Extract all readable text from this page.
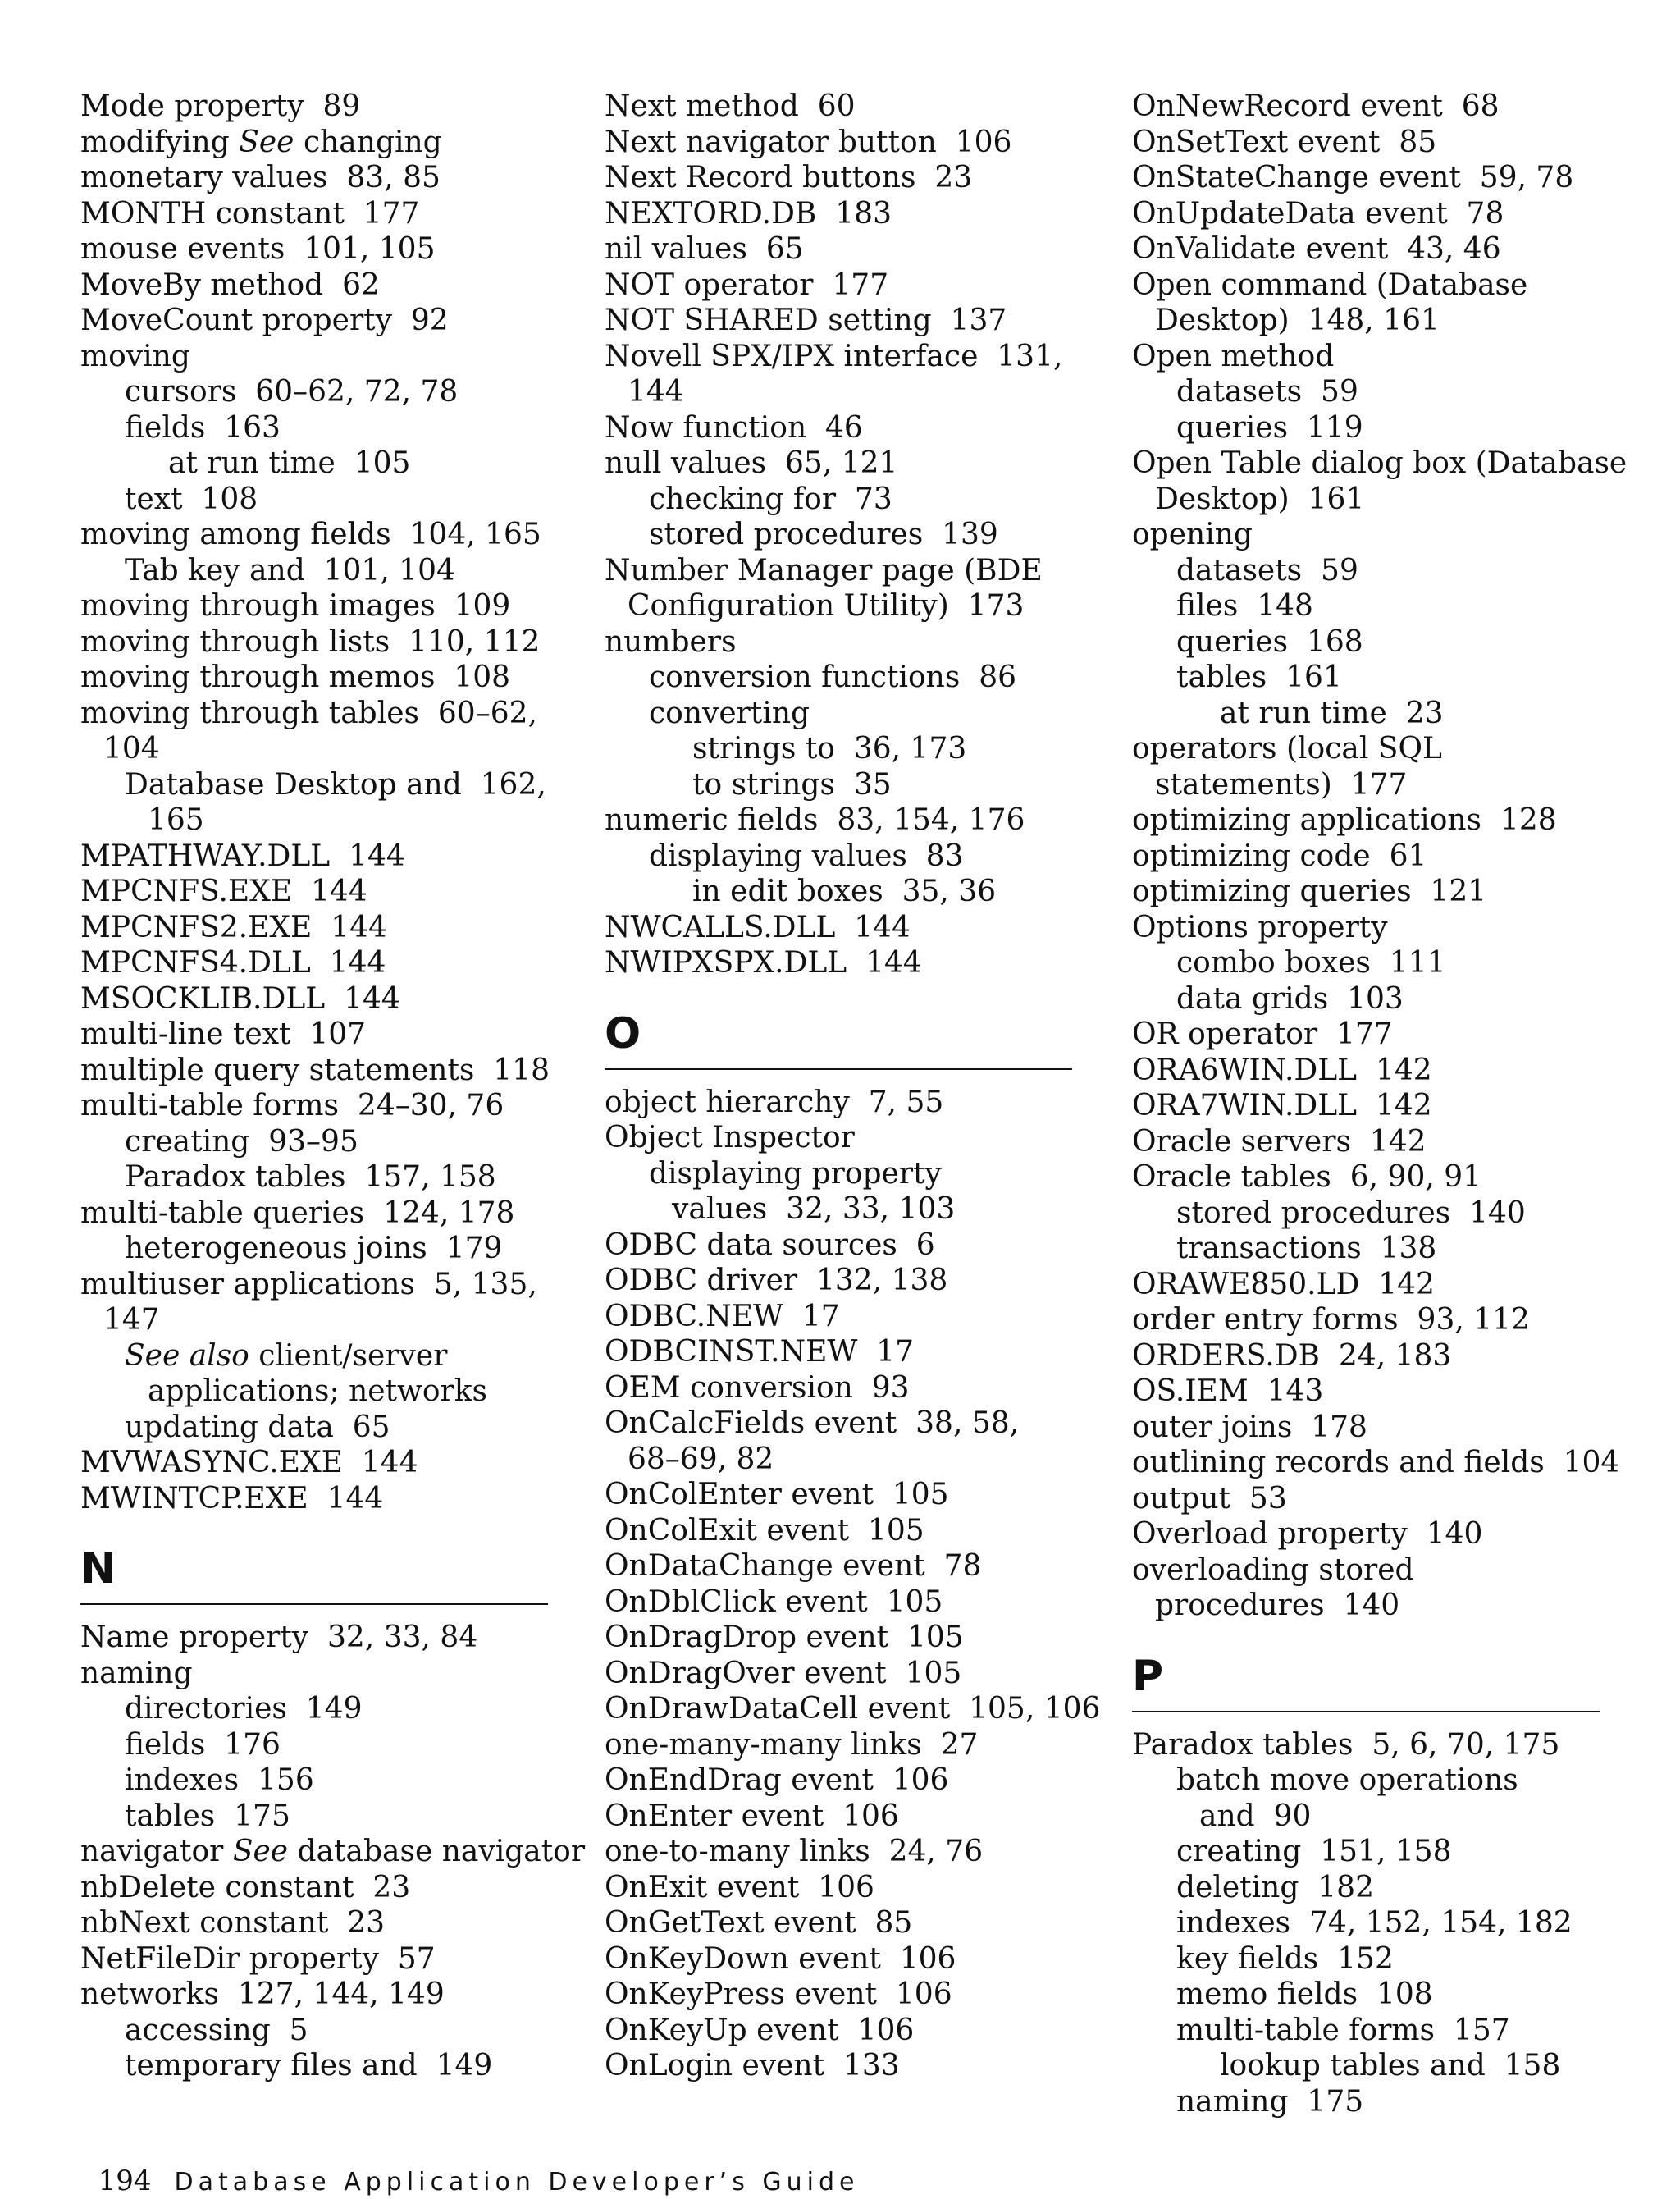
Mode property  89
modifying See changing
monetary values  83, 85
MONTH constant  177
mouse events  101, 105
MoveBy method  62
MoveCount property  92
moving
cursors  60–62, 72, 78
fields  163
at run time  105
text  108
moving among fields  104, 165
Tab key and  101, 104
moving through images  109
moving through lists  110, 112
moving through memos  108
moving through tables  60–62,
104
Database Desktop and  162,
165
MPATHWAY.DLL  144
MPCNFS.EXE  144
MPCNFS2.EXE  144
MPCNFS4.DLL  144
MSOCKLIB.DLL  144
multi-line text  107
multiple query statements  118
multi-table forms  24–30, 76
creating  93–95
Paradox tables  157, 158
multi-table queries  124, 178
heterogeneous joins  179
multiuser applications  5, 135,
147
See also client/server
applications; networks
updating data  65
MVWASYNC.EXE  144
MWINTCP.EXE  144
N
Name property  32, 33, 84
naming
directories  149
fields  176
indexes  156
tables  175
navigator See database navigator
nbDelete constant  23
nbNext constant  23
NetFileDir property  57
networks  127, 144, 149
accessing  5
temporary files and  149
Next method  60
Next navigator button  106
Next Record buttons  23
NEXTORD.DB  183
nil values  65
NOT operator  177
NOT SHARED setting  137
Novell SPX/IPX interface  131,
144
Now function  46
null values  65, 121
checking for  73
stored procedures  139
Number Manager page (BDE
Configuration Utility)  173
numbers
conversion functions  86
converting
strings to  36, 173
to strings  35
numeric fields  83, 154, 176
displaying values  83
in edit boxes  35, 36
NWCALLS.DLL  144
NWIPXSPX.DLL  144
O
object hierarchy  7, 55
Object Inspector
displaying property
values  32, 33, 103
ODBC data sources  6
ODBC driver  132, 138
ODBC.NEW  17
ODBCINST.NEW  17
OEM conversion  93
OnCalcFields event  38, 58,
68–69, 82
OnColEnter event  105
OnColExit event  105
OnDataChange event  78
OnDblClick event  105
OnDragDrop event  105
OnDragOver event  105
OnDrawDataCell event  105, 106
one-many-many links  27
OnEndDrag event  106
OnEnter event  106
one-to-many links  24, 76
OnExit event  106
OnGetText event  85
OnKeyDown event  106
OnKeyPress event  106
OnKeyUp event  106
OnLogin event  133
OnNewRecord event  68
OnSetText event  85
OnStateChange event  59, 78
OnUpdateData event  78
OnValidate event  43, 46
Open command (Database
Desktop)  148, 161
Open method
datasets  59
queries  119
Open Table dialog box (Database
Desktop)  161
opening
datasets  59
files  148
queries  168
tables  161
at run time  23
operators (local SQL
statements)  177
optimizing applications  128
optimizing code  61
optimizing queries  121
Options property
combo boxes  111
data grids  103
OR operator  177
ORA6WIN.DLL  142
ORA7WIN.DLL  142
Oracle servers  142
Oracle tables  6, 90, 91
stored procedures  140
transactions  138
ORAWE850.LD  142
order entry forms  93, 112
ORDERS.DB  24, 183
OS.IEM  143
outer joins  178
outlining records and fields  104
output  53
Overload property  140
overloading stored
procedures  140
P
Paradox tables  5, 6, 70, 175
batch move operations
and  90
creating  151, 158
deleting  182
indexes  74, 152, 154, 182
key fields  152
memo fields  108
multi-table forms  157
lookup tables and  158
naming  175

194 Database Application Developer’s Guide
